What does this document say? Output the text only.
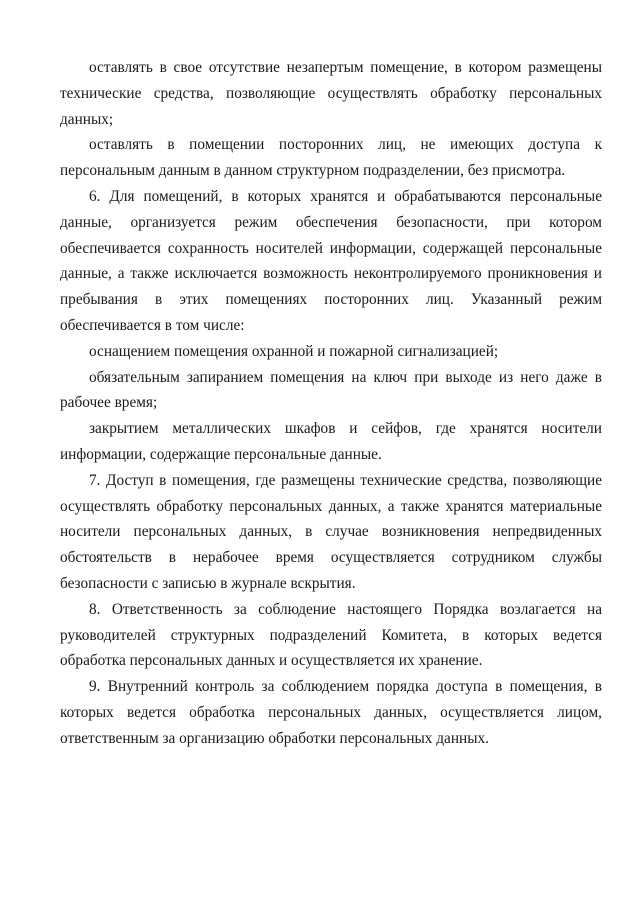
оставлять в свое отсутствие незапертым помещение, в котором размещены технические средства, позволяющие осуществлять обработку персональных данных;

оставлять в помещении посторонних лиц, не имеющих доступа к персональным данным в данном структурном подразделении, без присмотра.

6. Для помещений, в которых хранятся и обрабатываются персональные данные, организуется режим обеспечения безопасности, при котором обеспечивается сохранность носителей информации, содержащей персональные данные, а также исключается возможность неконтролируемого проникновения и пребывания в этих помещениях посторонних лиц. Указанный режим обеспечивается в том числе:

оснащением помещения охранной и пожарной сигнализацией;

обязательным запиранием помещения на ключ при выходе из него даже в рабочее время;

закрытием металлических шкафов и сейфов, где хранятся носители информации, содержащие персональные данные.

7. Доступ в помещения, где размещены технические средства, позволяющие осуществлять обработку персональных данных, а также хранятся материальные носители персональных данных, в случае возникновения непредвиденных обстоятельств в нерабочее время осуществляется сотрудником службы безопасности с записью в журнале вскрытия.

8. Ответственность за соблюдение настоящего Порядка возлагается на руководителей структурных подразделений Комитета, в которых ведется обработка персональных данных и осуществляется их хранение.

9. Внутренний контроль за соблюдением порядка доступа в помещения, в которых ведется обработка персональных данных, осуществляется лицом, ответственным за организацию обработки персональных данных.
